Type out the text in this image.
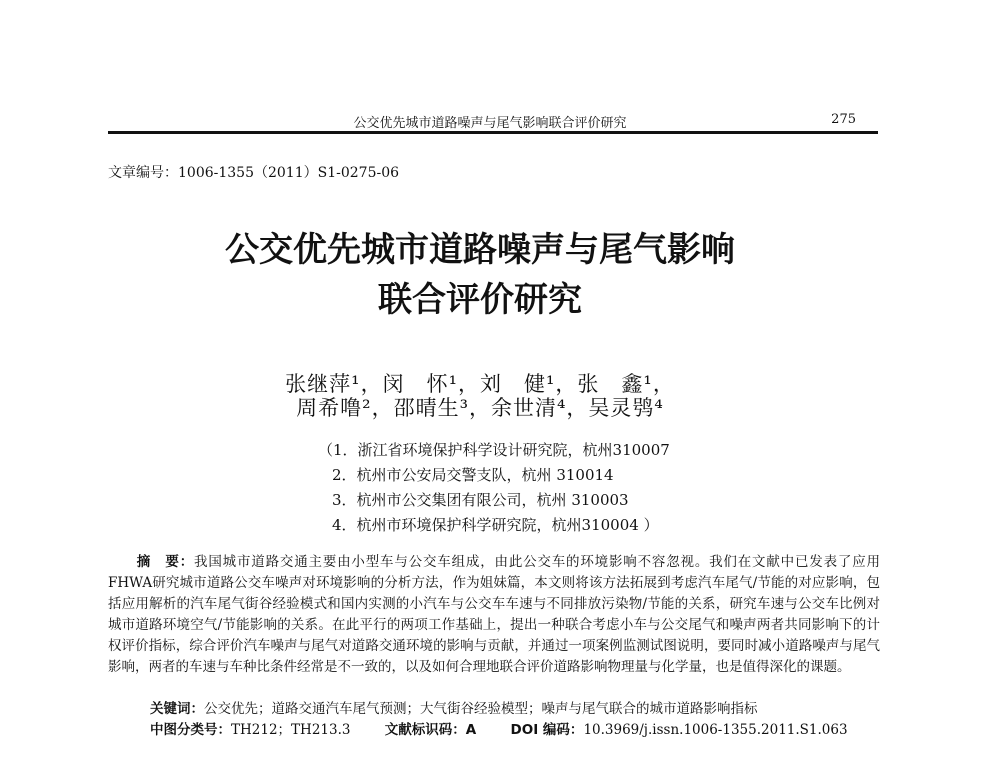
公交优先城市道路噪声与尾气影响联合评价研究	275
文章编号：1006-1355（2011）S1-0275-06
公交优先城市道路噪声与尾气影响
联合评价研究
张继萍¹，闵　怀¹，刘　健¹，张　鑫¹，
周希噜²，邵晴生³，余世清⁴，吴灵鸮⁴
（1．浙江省环境保护科学设计研究院，杭州310007
2．杭州市公安局交警支队，杭州 310014
3．杭州市公交集团有限公司，杭州 310003
4．杭州市环境保护科学研究院，杭州310004 ）
摘　要：我国城市道路交通主要由小型车与公交车组成，由此公交车的环境影响不容忽视。我们在文献中已发表了应用FHWA研究城市道路公交车噪声对环境影响的分析方法，作为姐妹篇，本文则将该方法拓展到考虑汽车尾气/节能的对应影响，包括应用解析的汽车尾气街谷经验模式和国内实测的小汽车与公交车车速与不同排放污染物/节能的关系，研究车速与公交车比例对城市道路环境空气/节能影响的关系。在此平行的两项工作基础上，提出一种联合考虑小车与公交尾气和噪声两者共同影响下的计权评价指标，综合评价汽车噪声与尾气对道路交通环境的影响与贡献，并通过一项案例监测试图说明，要同时减小道路噪声与尾气影响，两者的车速与车种比条件经常是不一致的，以及如何合理地联合评价道路影响物理量与化学量，也是值得深化的课题。
关键词：公交优先；道路交通汽车尾气预测；大气街谷经验模型；噪声与尾气联合的城市道路影响指标
中图分类号：TH212；TH213.3	文献标识码：A	DOI 编码：10.3969/j.issn.1006-1355.2011.S1.063
